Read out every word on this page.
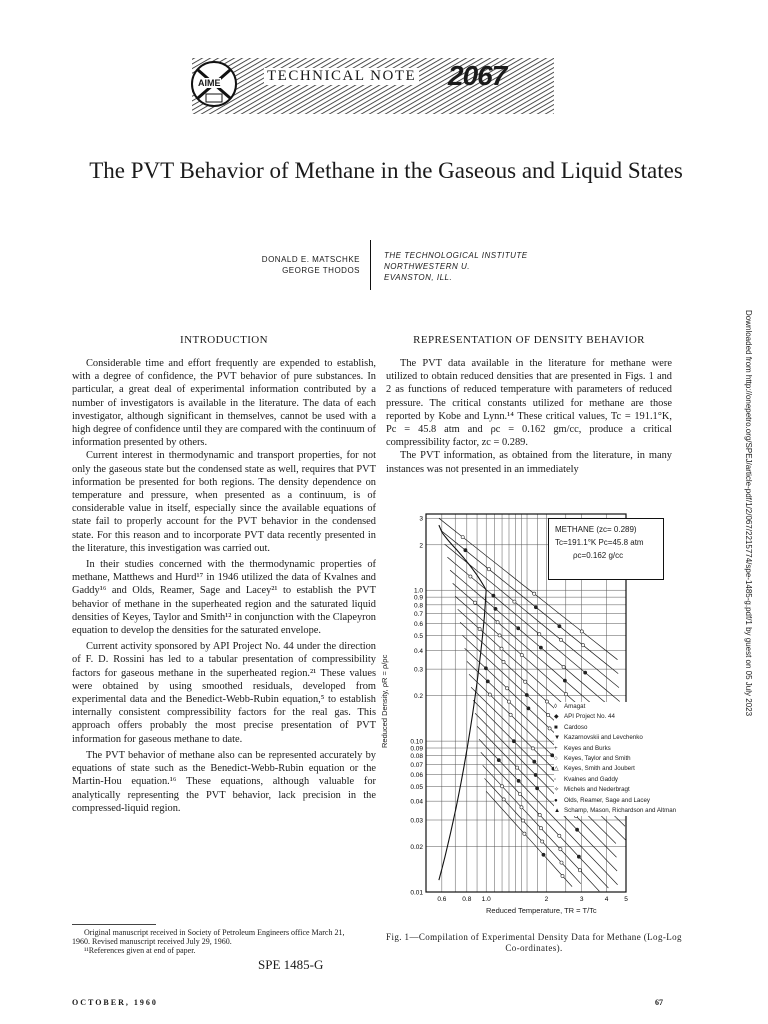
AIME	TECHNICAL NOTE 2067
The PVT Behavior of Methane in the Gaseous and Liquid States
DONALD E. MATSCHKE
GEORGE THODOS
THE TECHNOLOGICAL INSTITUTE
NORTHWESTERN U.
EVANSTON, ILL.
INTRODUCTION

Considerable time and effort frequently are expended to establish, with a degree of confidence, the PVT behavior of pure substances. In particular, a great deal of experimental information contributed by a number of investigators is available in the literature. The data of each investigator, although significant in themselves, cannot be used with a high degree of confidence until they are compared with the continuum of information presented by others.

Current interest in thermodynamic and transport properties, for not only the gaseous state but the condensed state as well, requires that PVT information be presented for both regions. The density dependence on temperature and pressure, when presented as a continuum, is of considerable value in itself, especially since the available equations of state fail to properly account for the PVT behavior in the condensed state. For this reason and to incorporate PVT data recently presented in the literature, this investigation was carried out.

In their studies concerned with the thermodynamic properties of methane, Matthews and Hurd¹⁷ in 1946 utilized the data of Kvalnes and Gaddy¹⁶ and Olds, Reamer, Sage and Lacey²¹ to establish the PVT behavior of methane in the superheated region and the saturated liquid densities of Keyes, Taylor and Smith¹² in conjunction with the Clapeyron equation to develop the densities for the saturated envelope.

Current activity sponsored by API Project No. 44 under the direction of F. D. Rossini has led to a tabular presentation of compressibility factors for gaseous methane in the superheated region.²¹ These values were obtained by using smoothed residuals, developed from experimental data and the Benedict-Webb-Rubin equation,⁵ to establish internally consistent compressibility factors for the real gas. This approach offers probably the most precise presentation of PVT information for gaseous methane to date.

The PVT behavior of methane also can be represented accurately by equations of state such as the Benedict-Webb-Rubin equation or the Martin-Hou equation.¹⁶ These equations, although valuable for analytically representing the PVT behavior, lack precision in the compressed-liquid region.

REPRESENTATION OF DENSITY BEHAVIOR

The PVT data available in the literature for methane were utilized to obtain reduced densities that are presented in Figs. 1 and 2 as functions of reduced temperature with parameters of reduced pressure. The critical constants utilized for methane are those reported by Kobe and Lynn.¹⁴ These critical values, Tc = 191.1°K, Pc = 45.8 atm and ρc = 0.162 gm/cc, produce a critical compressibility factor, zc = 0.289.

The PVT information, as obtained from the literature, in many instances was not presented in an immediately

3
2
1.0
0.9
0.8
0.7
0.6
0.5
0.4
0.3
0.2
0.10
0.09
0.08
0.07
0.06
0.05
0.04
0.03
0.02
0.01
0.6 0.8 1.0	2	3	4 5
METHANE (zc= 0.289)
Tc=191.1°K Pc=45.8 atm
ρc=0.162 g/cc
◊	Amagat
◆ API Project No. 44
■	Cardoso
▼ Kazarnovskii and Levchenko
+	Keyes and Burks
○	Keyes, Taylor and Smith
△ Keyes, Smith and Joubert
◦	Kvalnes and Gaddy
✧ Michels and Nederbragt
●	Olds, Reamer, Sage and Lacey
▲ Schamp, Mason, Richardson and Altman
Reduced Density, ρR = ρ/ρc
Reduced Temperature, TR = T/Tc
Fig. 1—Compilation of Experimental Density Data for Methane (Log-Log Co-ordinates).
Original manuscript received in Society of Petroleum Engineers office March 21, 1960. Revised manuscript received July 29, 1960.
¹¹References given at end of paper.
SPE 1485-G
OCTOBER, 1960	67
Downloaded from http://onepetro.org/SPEJ/article-pdf/1/2/067/2215774/spe-1485-g.pdf/1 by guest on 05 July 2023
